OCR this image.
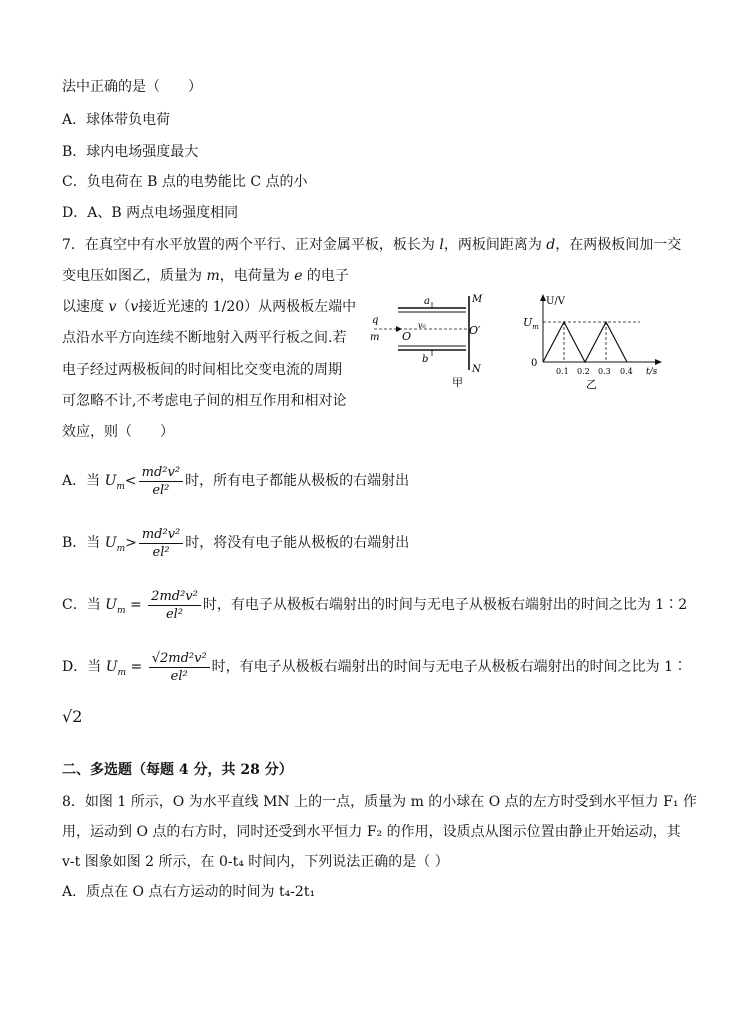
法中正确的是（　　）
A．球体带负电荷
B．球内电场强度最大
C．负电荷在 B 点的电势能比 C 点的小
D．A、B 两点电场强度相同
7．在真空中有水平放置的两个平行、正对金属平板，板长为 l，两板间距离为 d，在两极板间加一交
变电压如图乙，质量为 m，电荷量为 e 的电子
以速度 v（v接近光速的 1/20）从两极板左端中
点沿水平方向连续不断地射入两平行板之间.若
电子经过两极板间的时间相比交变电流的周期
可忽略不计,不考虑电子间的相互作用和相对论
效应，则（　　）
a
b
M
N
q
m O	O′
v₀
甲
U/V
$U_m$
0
0.1 0.2 0.3 0.4 t/s
乙
A．当 $U_m< \frac{\text{md²v²}}{\text{el²}}$ 时，所有电子都能从极板的右端射出
B．当 $U_m> \frac{\text{md²v²}}{\text{el²}}$ 时，将没有电子能从极板的右端射出
C．当 $U_m = \frac{\text{2md²v²}}{\text{el²}}$ 时，有电子从极板右端射出的时间与无电子从极板右端射出的时间之比为 1∶2
D．当 $U_m = \frac{\text{√2md²v²}}{\text{el²}}$ 时，有电子从极板右端射出的时间与无电子从极板右端射出的时间之比为 1∶
√2
二、多选题（每题 4 分，共 28 分）
8．如图 1 所示，O 为水平直线 MN 上的一点，质量为 m 的小球在 O 点的左方时受到水平恒力 F₁ 作
用，运动到 O 点的右方时，同时还受到水平恒力 F₂ 的作用，设质点从图示位置由静止开始运动，其
v-t 图象如图 2 所示，在 0-t₄ 时间内，下列说法正确的是（ ）
A．质点在 O 点右方运动的时间为 t₄-2t₁
